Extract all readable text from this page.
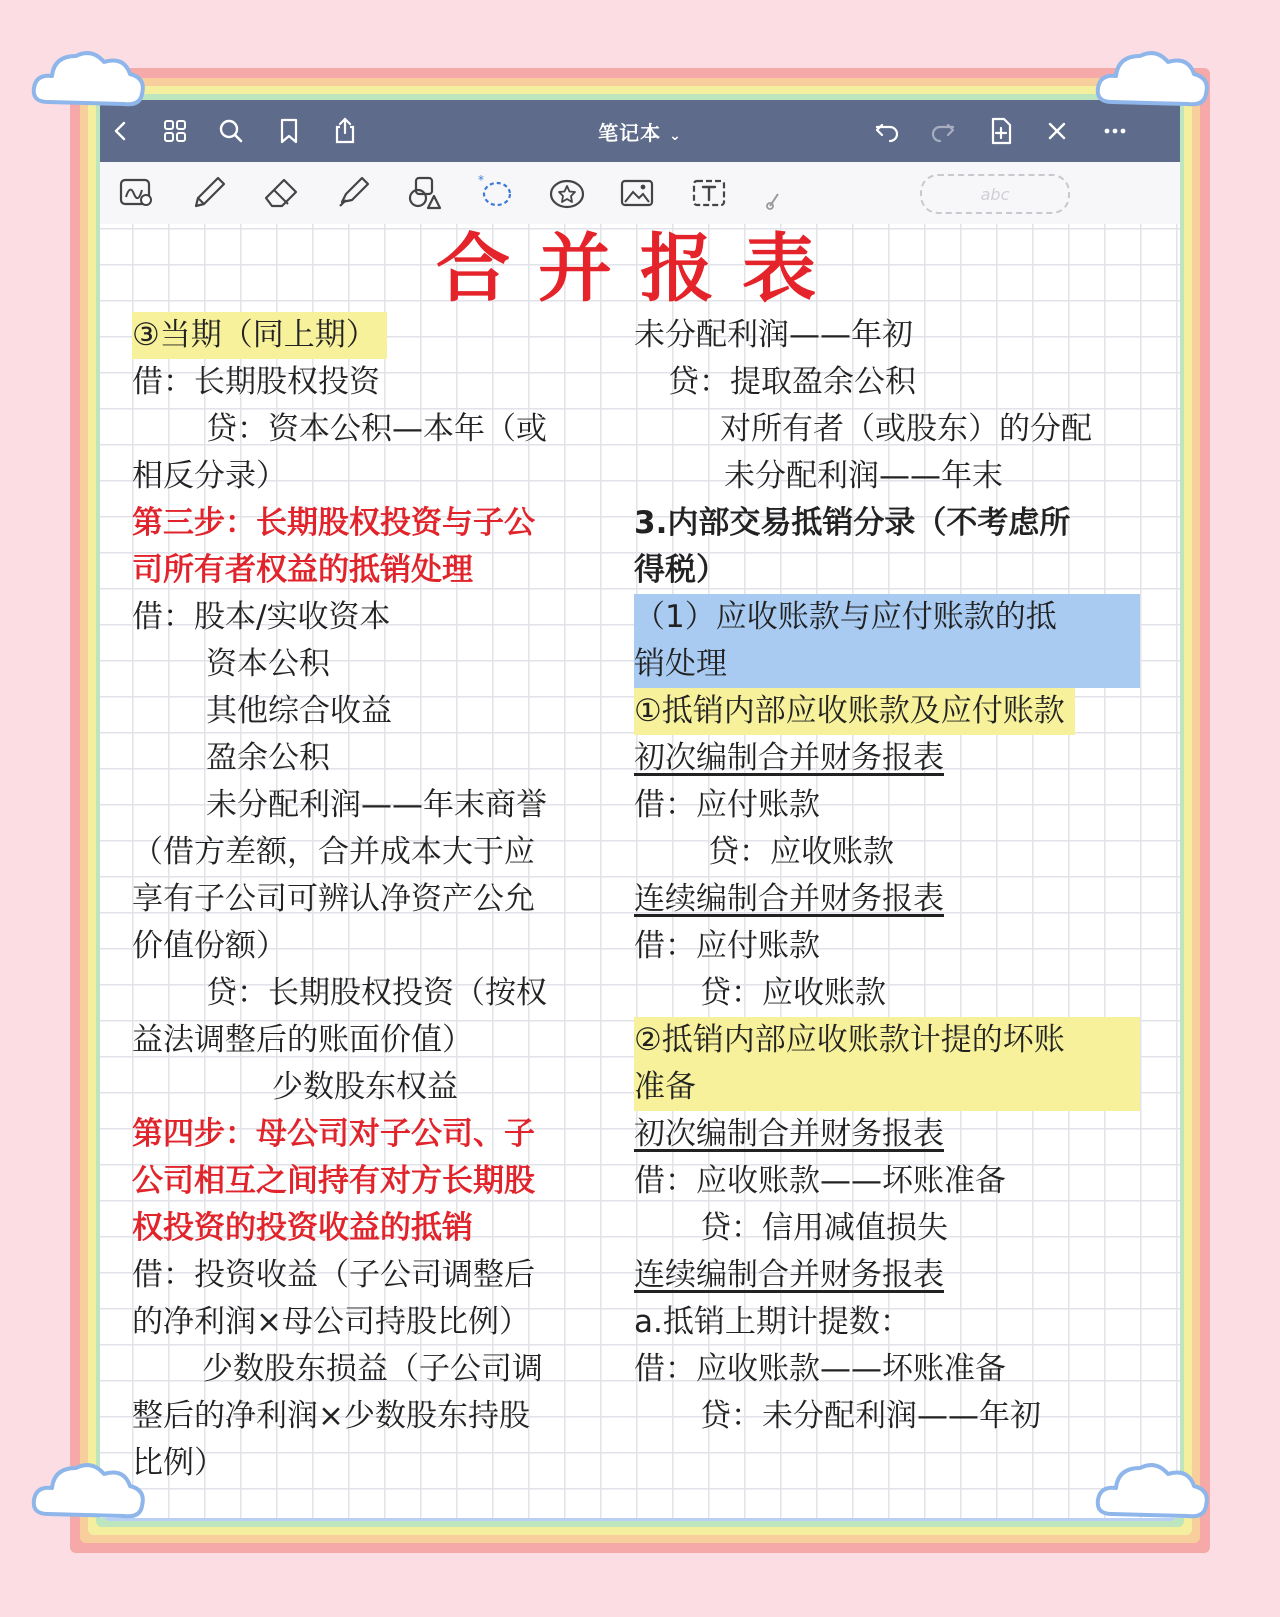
笔记本 ⌄
*
abc
合并报表
③当期（同上期）
借：长期股权投资
贷：资本公积—本年（或
相反分录）
第三步：长期股权投资与子公
司所有者权益的抵销处理
借：股本/实收资本
资本公积
其他综合收益
盈余公积
未分配利润——年末商誉
（借方差额，合并成本大于应
享有子公司可辨认净资产公允
价值份额）
贷：长期股权投资（按权
益法调整后的账面价值）
少数股东权益
第四步：母公司对子公司、子
公司相互之间持有对方长期股
权投资的投资收益的抵销
借：投资收益（子公司调整后
的净利润×母公司持股比例）
少数股东损益（子公司调
整后的净利润×少数股东持股
比例）
未分配利润——年初
贷：提取盈余公积
对所有者（或股东）的分配
未分配利润——年末
3.内部交易抵销分录（不考虑所
得税）
（1）应收账款与应付账款的抵
销处理
①抵销内部应收账款及应付账款
初次编制合并财务报表
借：应付账款
贷：应收账款
连续编制合并财务报表
借：应付账款
贷：应收账款
②抵销内部应收账款计提的坏账
准备
初次编制合并财务报表
借：应收账款——坏账准备
贷：信用减值损失
连续编制合并财务报表
a.抵销上期计提数：
借：应收账款——坏账准备
贷：未分配利润——年初
